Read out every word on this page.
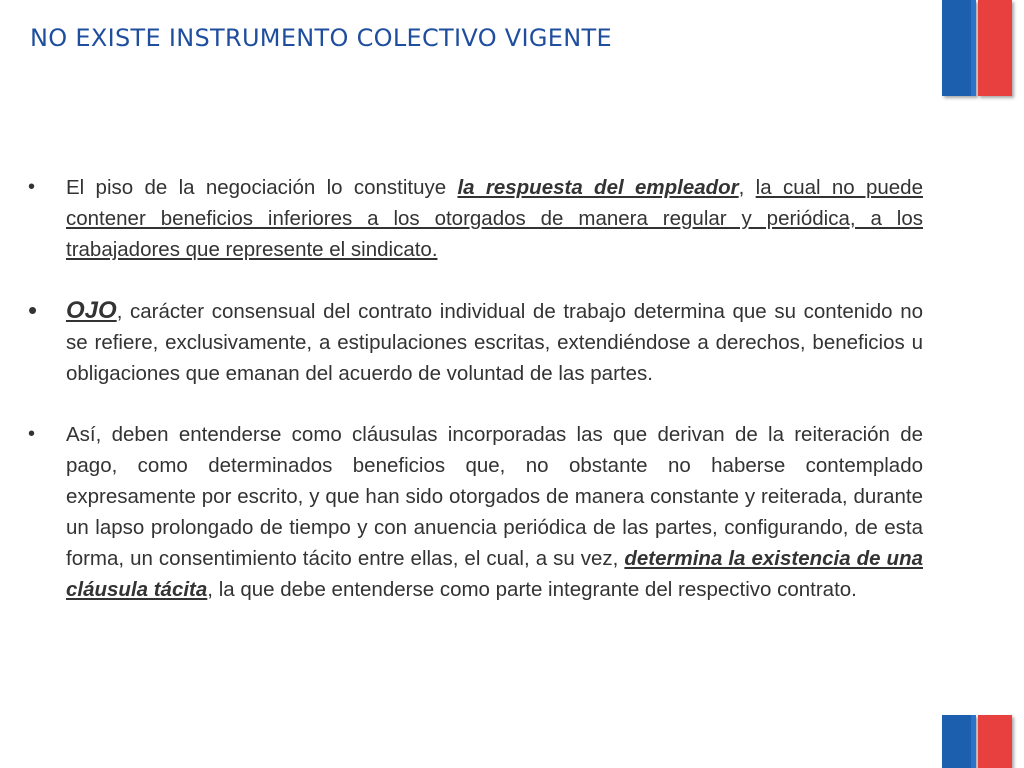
NO EXISTE INSTRUMENTO COLECTIVO VIGENTE
• El piso de la negociación lo constituye la respuesta del empleador, la cual no puede contener beneficios inferiores a los otorgados de manera regular y periódica, a los trabajadores que represente el sindicato.
• OJO, carácter consensual del contrato individual de trabajo determina que su contenido no se refiere, exclusivamente, a estipulaciones escritas, extendiéndose a derechos, beneficios u obligaciones que emanan del acuerdo de voluntad de las partes.
• Así, deben entenderse como cláusulas incorporadas las que derivan de la reiteración de pago, como determinados beneficios que, no obstante no haberse contemplado expresamente por escrito, y que han sido otorgados de manera constante y reiterada, durante un lapso prolongado de tiempo y con anuencia periódica de las partes, configurando, de esta forma, un consentimiento tácito entre ellas, el cual, a su vez, determina la existencia de una cláusula tácita, la que debe entenderse como parte integrante del respectivo contrato.
